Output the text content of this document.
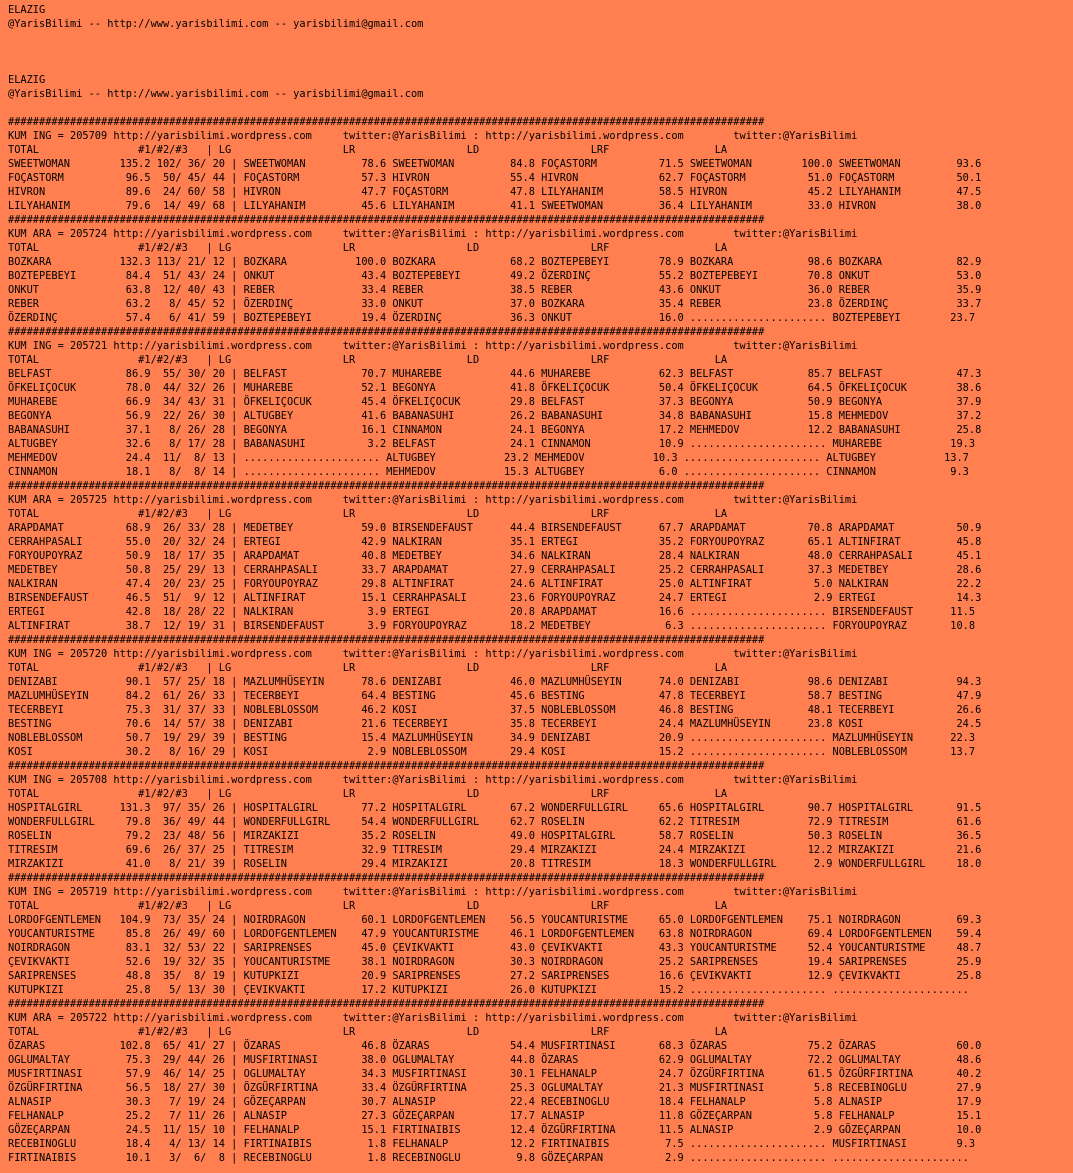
ELAZIG
@YarisBilimi -- http://www.yarisbilimi.com -- yarisbilimi@gmail.com

ELAZIG
@YarisBilimi -- http://www.yarisbilimi.com -- yarisbilimi@gmail.com

##########################################################################################################################
KUM ING = 205709 http://yarisbilimi.wordpress.com     twitter:@YarisBilimi : http://yarisbilimi.wordpress.com        twitter:@YarisBilimi
TOTAL                #1/#2/#3   | LG                  LR                  LD                  LRF                 LA
SWEETWOMAN        135.2 102/ 36/ 20 | SWEETWOMAN         78.6 SWEETWOMAN         84.8 FOÇASTORM          71.5 SWEETWOMAN        100.0 SWEETWOMAN         93.6
FOÇASTORM          96.5  50/ 45/ 44 | FOÇASTORM          57.3 HIVRON             55.4 HIVRON             62.7 FOÇASTORM          51.0 FOÇASTORM          50.1
HIVRON             89.6  24/ 60/ 58 | HIVRON             47.7 FOÇASTORM          47.8 LILYAHANIM         58.5 HIVRON             45.2 LILYAHANIM         47.5
LILYAHANIM         79.6  14/ 49/ 68 | LILYAHANIM         45.6 LILYAHANIM         41.1 SWEETWOMAN         36.4 LILYAHANIM         33.0 HIVRON             38.0
##########################################################################################################################
KUM ARA = 205724 http://yarisbilimi.wordpress.com     twitter:@YarisBilimi : http://yarisbilimi.wordpress.com        twitter:@YarisBilimi
TOTAL                #1/#2/#3   | LG                  LR                  LD                  LRF                 LA
BOZKARA           132.3 113/ 21/ 12 | BOZKARA           100.0 BOZKARA            68.2 BOZTEPEBEYI        78.9 BOZKARA            98.6 BOZKARA            82.9
BOZTEPEBEYI        84.4  51/ 43/ 24 | ONKUT              43.4 BOZTEPEBEYI        49.2 ÖZERDINÇ           55.2 BOZTEPEBEYI        70.8 ONKUT              53.0
ONKUT              63.8  12/ 40/ 43 | REBER              33.4 REBER              38.5 REBER              43.6 ONKUT              36.0 REBER              35.9
REBER              63.2   8/ 45/ 52 | ÖZERDINÇ           33.0 ONKUT              37.0 BOZKARA            35.4 REBER              23.8 ÖZERDINÇ           33.7
ÖZERDINÇ           57.4   6/ 41/ 59 | BOZTEPEBEYI        19.4 ÖZERDINÇ           36.3 ONKUT              16.0 ...................... BOZTEPEBEYI        23.7
##########################################################################################################################
KUM ING = 205721 http://yarisbilimi.wordpress.com     twitter:@YarisBilimi : http://yarisbilimi.wordpress.com        twitter:@YarisBilimi
TOTAL                #1/#2/#3   | LG                  LR                  LD                  LRF                 LA
BELFAST            86.9  55/ 30/ 20 | BELFAST            70.7 MUHAREBE           44.6 MUHAREBE           62.3 BELFAST            85.7 BELFAST            47.3
ÖFKELIÇOCUK        78.0  44/ 32/ 26 | MUHAREBE           52.1 BEGONYA            41.8 ÖFKELIÇOCUK        50.4 ÖFKELIÇOCUK        64.5 ÖFKELIÇOCUK        38.6
MUHAREBE           66.9  34/ 43/ 31 | ÖFKELIÇOCUK        45.4 ÖFKELIÇOCUK        29.8 BELFAST            37.3 BEGONYA            50.9 BEGONYA            37.9
BEGONYA            56.9  22/ 26/ 30 | ALTUGBEY           41.6 BABANASUHI         26.2 BABANASUHI         34.8 BABANASUHI         15.8 MEHMEDOV           37.2
BABANASUHI         37.1   8/ 26/ 28 | BEGONYA            16.1 CINNAMON           24.1 BEGONYA            17.2 MEHMEDOV           12.2 BABANASUHI         25.8
ALTUGBEY           32.6   8/ 17/ 28 | BABANASUHI          3.2 BELFAST            24.1 CINNAMON           10.9 ...................... MUHAREBE           19.3
MEHMEDOV           24.4  11/  8/ 13 | ...................... ALTUGBEY           23.2 MEHMEDOV           10.3 ...................... ALTUGBEY           13.7
CINNAMON           18.1   8/  8/ 14 | ...................... MEHMEDOV           15.3 ALTUGBEY            6.0 ...................... CINNAMON            9.3
##########################################################################################################################
KUM ARA = 205725 http://yarisbilimi.wordpress.com     twitter:@YarisBilimi : http://yarisbilimi.wordpress.com        twitter:@YarisBilimi
TOTAL                #1/#2/#3   | LG                  LR                  LD                  LRF                 LA
ARAPDAMAT          68.9  26/ 33/ 28 | MEDETBEY           59.0 BIRSENDEFAUST      44.4 BIRSENDEFAUST      67.7 ARAPDAMAT          70.8 ARAPDAMAT          50.9
CERRAHPASALI       55.0  20/ 32/ 24 | ERTEGI             42.9 NALKIRAN           35.1 ERTEGI             35.2 FORYOUPOYRAZ       65.1 ALTINFIRAT         45.8
FORYOUPOYRAZ       50.9  18/ 17/ 35 | ARAPDAMAT          40.8 MEDETBEY           34.6 NALKIRAN           28.4 NALKIRAN           48.0 CERRAHPASALI       45.1
MEDETBEY           50.8  25/ 29/ 13 | CERRAHPASALI       33.7 ARAPDAMAT          27.9 CERRAHPASALI       25.2 CERRAHPASALI       37.3 MEDETBEY           28.6
NALKIRAN           47.4  20/ 23/ 25 | FORYOUPOYRAZ       29.8 ALTINFIRAT         24.6 ALTINFIRAT         25.0 ALTINFIRAT          5.0 NALKIRAN           22.2
BIRSENDEFAUST      46.5  51/  9/ 12 | ALTINFIRAT         15.1 CERRAHPASALI       23.6 FORYOUPOYRAZ       24.7 ERTEGI              2.9 ERTEGI             14.3
ERTEGI             42.8  18/ 28/ 22 | NALKIRAN            3.9 ERTEGI             20.8 ARAPDAMAT          16.6 ...................... BIRSENDEFAUST      11.5
ALTINFIRAT         38.7  12/ 19/ 31 | BIRSENDEFAUST       3.9 FORYOUPOYRAZ       18.2 MEDETBEY            6.3 ...................... FORYOUPOYRAZ       10.8
##########################################################################################################################
KUM ING = 205720 http://yarisbilimi.wordpress.com     twitter:@YarisBilimi : http://yarisbilimi.wordpress.com        twitter:@YarisBilimi
TOTAL                #1/#2/#3   | LG                  LR                  LD                  LRF                 LA
DENIZABI           90.1  57/ 25/ 18 | MAZLUMHÜSEYIN      78.6 DENIZABI           46.0 MAZLUMHÜSEYIN      74.0 DENIZABI           98.6 DENIZABI           94.3
MAZLUMHÜSEYIN      84.2  61/ 26/ 33 | TECERBEYI          64.4 BESTING            45.6 BESTING            47.8 TECERBEYI          58.7 BESTING            47.9
TECERBEYI          75.3  31/ 37/ 33 | NOBLEBLOSSOM       46.2 KOSI               37.5 NOBLEBLOSSOM       46.8 BESTING            48.1 TECERBEYI          26.6
BESTING            70.6  14/ 57/ 38 | DENIZABI           21.6 TECERBEYI          35.8 TECERBEYI          24.4 MAZLUMHÜSEYIN      23.8 KOSI               24.5
NOBLEBLOSSOM       50.7  19/ 29/ 39 | BESTING            15.4 MAZLUMHÜSEYIN      34.9 DENIZABI           20.9 ...................... MAZLUMHÜSEYIN      22.3
KOSI               30.2   8/ 16/ 29 | KOSI                2.9 NOBLEBLOSSOM       29.4 KOSI               15.2 ...................... NOBLEBLOSSOM       13.7
##########################################################################################################################
KUM ING = 205708 http://yarisbilimi.wordpress.com     twitter:@YarisBilimi : http://yarisbilimi.wordpress.com        twitter:@YarisBilimi
TOTAL                #1/#2/#3   | LG                  LR                  LD                  LRF                 LA
HOSPITALGIRL      131.3  97/ 35/ 26 | HOSPITALGIRL       77.2 HOSPITALGIRL       67.2 WONDERFULLGIRL     65.6 HOSPITALGIRL       90.7 HOSPITALGIRL       91.5
WONDERFULLGIRL     79.8  36/ 49/ 44 | WONDERFULLGIRL     54.4 WONDERFULLGIRL     62.7 ROSELIN            62.2 TITRESIM           72.9 TITRESIM           61.6
ROSELIN            79.2  23/ 48/ 56 | MIRZAKIZI          35.2 ROSELIN            49.0 HOSPITALGIRL       58.7 ROSELIN            50.3 ROSELIN            36.5
TITRESIM           69.6  26/ 37/ 25 | TITRESIM           32.9 TITRESIM           29.4 MIRZAKIZI          24.4 MIRZAKIZI          12.2 MIRZAKIZI          21.6
MIRZAKIZI          41.0   8/ 21/ 39 | ROSELIN            29.4 MIRZAKIZI          20.8 TITRESIM           18.3 WONDERFULLGIRL      2.9 WONDERFULLGIRL     18.0
##########################################################################################################################
KUM ING = 205719 http://yarisbilimi.wordpress.com     twitter:@YarisBilimi : http://yarisbilimi.wordpress.com        twitter:@YarisBilimi
TOTAL                #1/#2/#3   | LG                  LR                  LD                  LRF                 LA
LORDOFGENTLEMEN   104.9  73/ 35/ 24 | NOIRDRAGON         60.1 LORDOFGENTLEMEN    56.5 YOUCANTURISTME     65.0 LORDOFGENTLEMEN    75.1 NOIRDRAGON         69.3
YOUCANTURISTME     85.8  26/ 49/ 60 | LORDOFGENTLEMEN    47.9 YOUCANTURISTME     46.1 LORDOFGENTLEMEN    63.8 NOIRDRAGON         69.4 LORDOFGENTLEMEN    59.4
NOIRDRAGON         83.1  32/ 53/ 22 | SARIPRENSES        45.0 ÇEVIKVAKTI         43.0 ÇEVIKVAKTI         43.3 YOUCANTURISTME     52.4 YOUCANTURISTME     48.7
ÇEVIKVAKTI         52.6  19/ 32/ 35 | YOUCANTURISTME     38.1 NOIRDRAGON         30.3 NOIRDRAGON         25.2 SARIPRENSES        19.4 SARIPRENSES        25.9
SARIPRENSES        48.8  35/  8/ 19 | KUTUPKIZI          20.9 SARIPRENSES        27.2 SARIPRENSES        16.6 ÇEVIKVAKTI         12.9 ÇEVIKVAKTI         25.8
KUTUPKIZI          25.8   5/ 13/ 30 | ÇEVIKVAKTI         17.2 KUTUPKIZI          26.0 KUTUPKIZI          15.2 ...................... ......................
##########################################################################################################################
KUM ARA = 205722 http://yarisbilimi.wordpress.com     twitter:@YarisBilimi : http://yarisbilimi.wordpress.com        twitter:@YarisBilimi
TOTAL                #1/#2/#3   | LG                  LR                  LD                  LRF                 LA
ÖZARAS            102.8  65/ 41/ 27 | ÖZARAS             46.8 ÖZARAS             54.4 MUSFIRTINASI       68.3 ÖZARAS             75.2 ÖZARAS             60.0
OGLUMALTAY         75.3  29/ 44/ 26 | MUSFIRTINASI       38.0 OGLUMALTAY         44.8 ÖZARAS             62.9 OGLUMALTAY         72.2 OGLUMALTAY         48.6
MUSFIRTINASI       57.9  46/ 14/ 25 | OGLUMALTAY         34.3 MUSFIRTINASI       30.1 FELHANALP          24.7 ÖZGÜRFIRTINA       61.5 ÖZGÜRFIRTINA       40.2
ÖZGÜRFIRTINA       56.5  18/ 27/ 30 | ÖZGÜRFIRTINA       33.4 ÖZGÜRFIRTINA       25.3 OGLUMALTAY         21.3 MUSFIRTINASI        5.8 RECEBINOGLU        27.9
ALNASIP            30.3   7/ 19/ 24 | GÖZEÇARPAN         30.7 ALNASIP            22.4 RECEBINOGLU        18.4 FELHANALP           5.8 ALNASIP            17.9
FELHANALP          25.2   7/ 11/ 26 | ALNASIP            27.3 GÖZEÇARPAN         17.7 ALNASIP            11.8 GÖZEÇARPAN          5.8 FELHANALP          15.1
GÖZEÇARPAN         24.5  11/ 15/ 10 | FELHANALP          15.1 FIRTINAIBIS        12.4 ÖZGÜRFIRTINA       11.5 ALNASIP             2.9 GÖZEÇARPAN         10.0
RECEBINOGLU        18.4   4/ 13/ 14 | FIRTINAIBIS         1.8 FELHANALP          12.2 FIRTINAIBIS         7.5 ...................... MUSFIRTINASI        9.3
FIRTINAIBIS        10.1   3/  6/  8 | RECEBINOGLU         1.8 RECEBINOGLU         9.8 GÖZEÇARPAN          2.9 ...................... ......................
